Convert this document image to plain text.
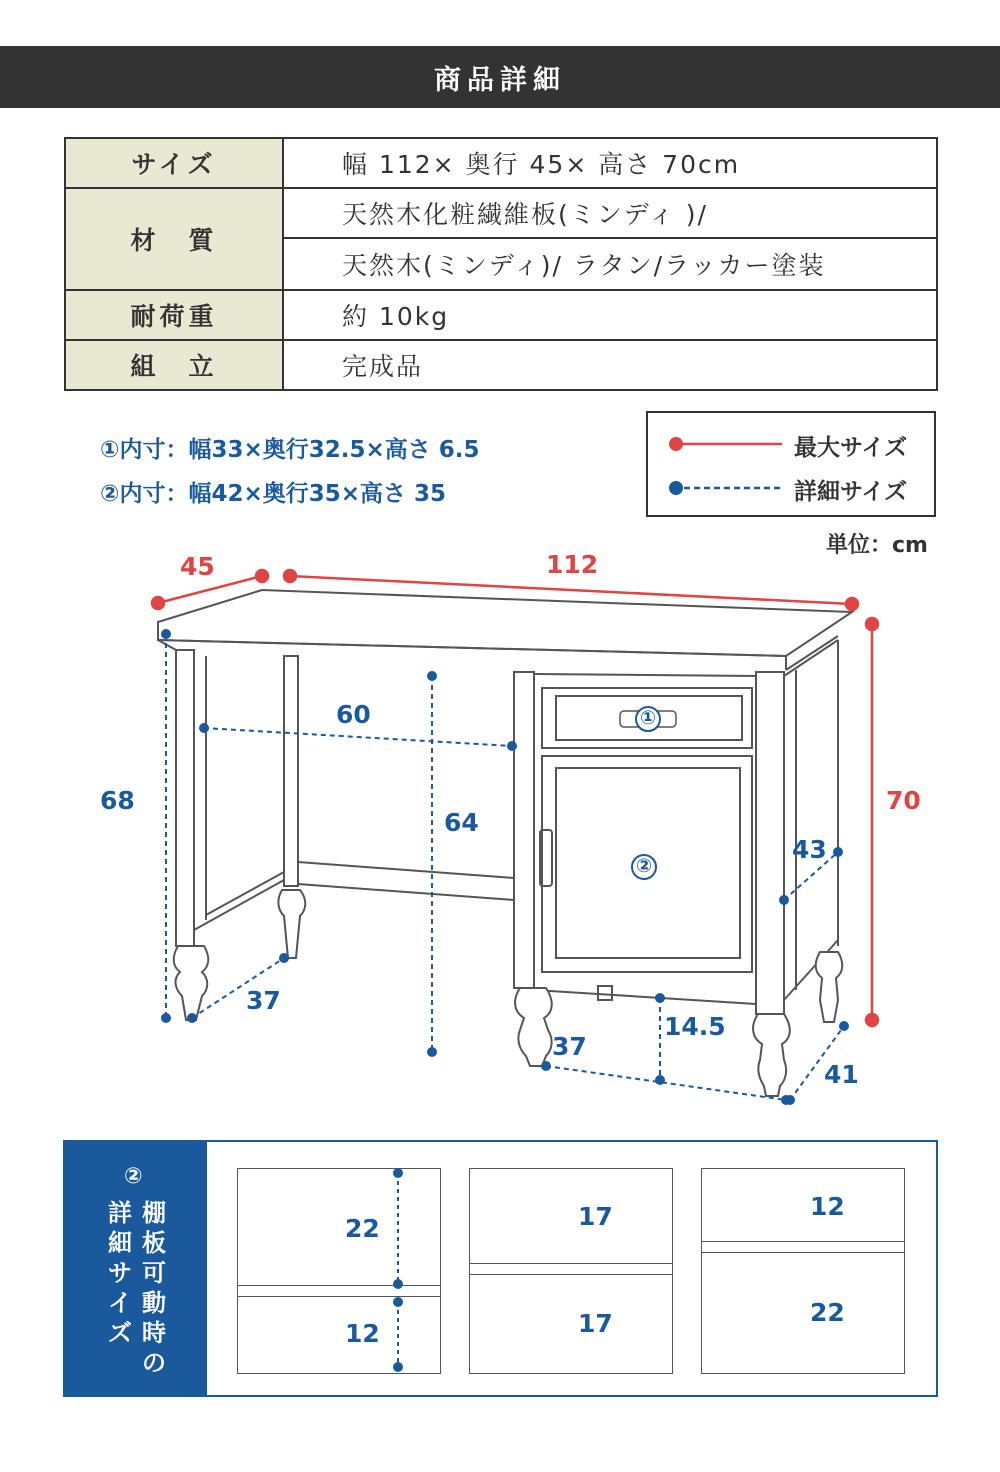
商品詳細
サイズ	幅 112× 奥行 45× 高さ 70cm
材　質	天然木化粧繊維板(ミンディ )/
	天然木(ミンディ)/ ラタン/ラッカー塗装
耐荷重	約 10kg
組　立	完成品
①内寸：幅33×奥行32.5×高さ 6.5
②内寸：幅42×奥行35×高さ 35
最大サイズ
詳細サイズ
単位：cm
①
②
45	112
70
68
60
64
43
37
37
14.5
41
②
棚
板
可
動
時
の
詳
細
サ
イ
ズ
22
12
17
17
12
22
